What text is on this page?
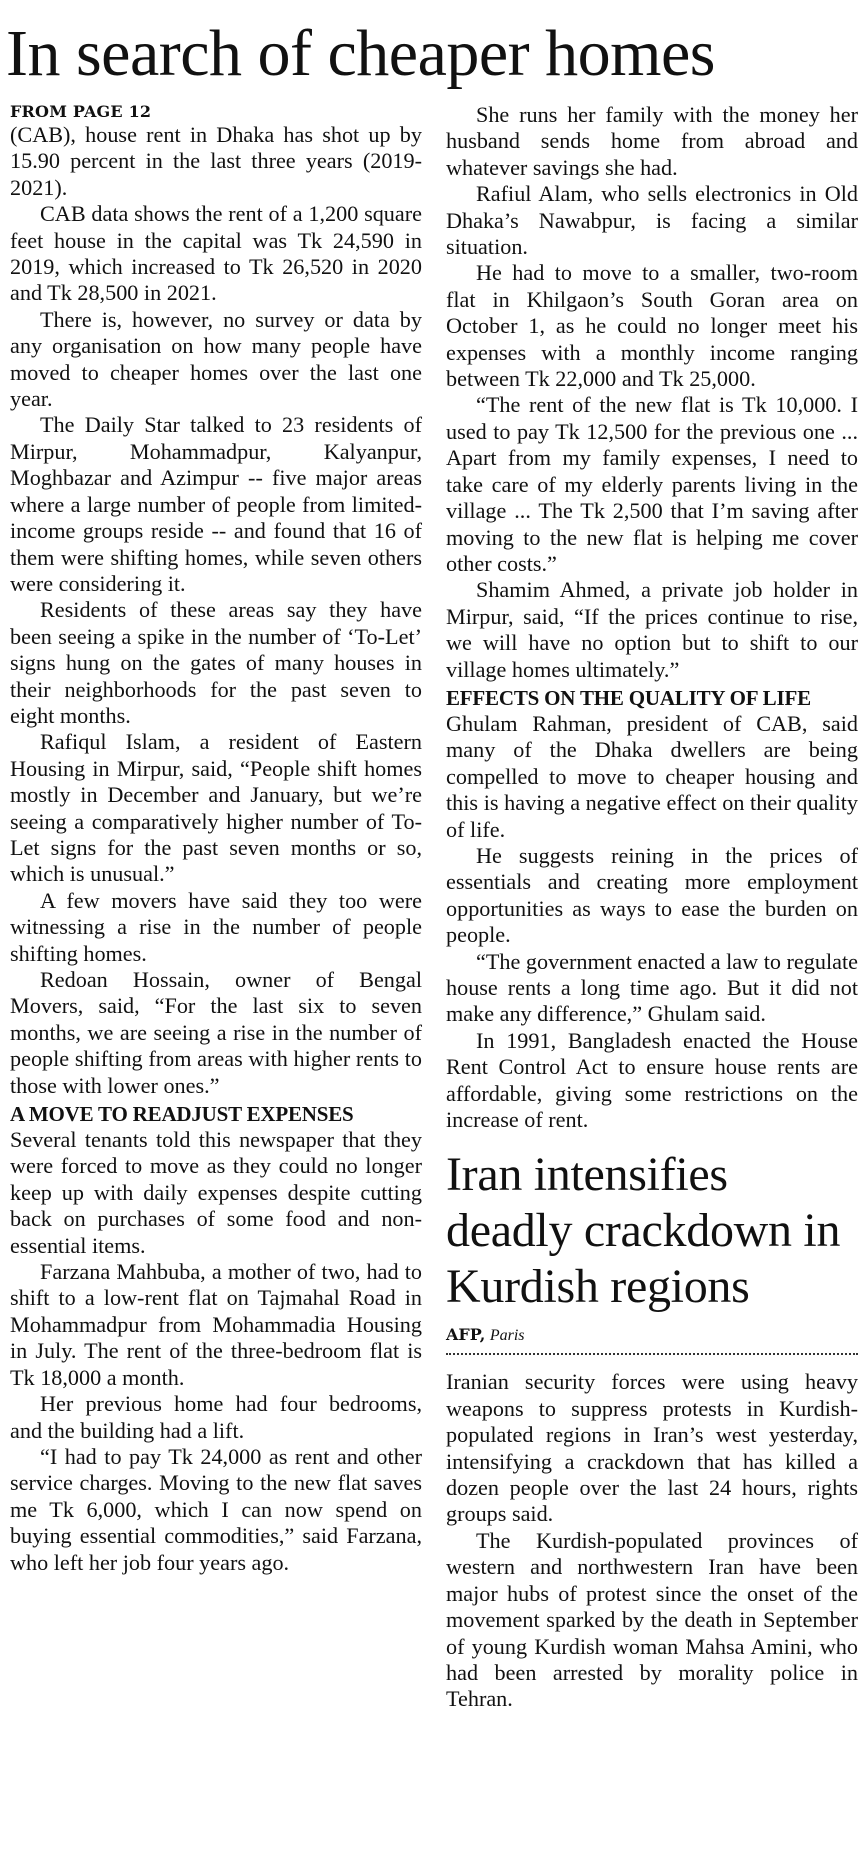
In search of cheaper homes
FROM PAGE 12

(CAB), house rent in Dhaka has shot up by 15.90 percent in the last three years (2019-2021).

CAB data shows the rent of a 1,200 square feet house in the capital was Tk 24,590 in 2019, which increased to Tk 26,520 in 2020 and Tk 28,500 in 2021.

There is, however, no survey or data by any organisation on how many people have moved to cheaper homes over the last one year.

The Daily Star talked to 23 residents of Mirpur, Mohammadpur, Kalyanpur, Moghbazar and Azimpur -- five major areas where a large number of people from limited-income groups reside -- and found that 16 of them were shifting homes, while seven others were considering it.

Residents of these areas say they have been seeing a spike in the number of ‘To-Let’ signs hung on the gates of many houses in their neighborhoods for the past seven to eight months.

Rafiqul Islam, a resident of Eastern Housing in Mirpur, said, “People shift homes mostly in December and January, but we’re seeing a comparatively higher number of To-Let signs for the past seven months or so, which is unusual.”

A few movers have said they too were witnessing a rise in the number of people shifting homes.

Redoan Hossain, owner of Bengal Movers, said, “For the last six to seven months, we are seeing a rise in the number of people shifting from areas with higher rents to those with lower ones.”

A MOVE TO READJUST EXPENSES

Several tenants told this newspaper that they were forced to move as they could no longer keep up with daily expenses despite cutting back on purchases of some food and non-essential items.

Farzana Mahbuba, a mother of two, had to shift to a low-rent flat on Tajmahal Road in Mohammadpur from Mohammadia Housing in July. The rent of the three-bedroom flat is Tk 18,000 a month.

Her previous home had four bedrooms, and the building had a lift.

“I had to pay Tk 24,000 as rent and other service charges. Moving to the new flat saves me Tk 6,000, which I can now spend on buying essential commodities,” said Farzana, who left her job four years ago.

She runs her family with the money her husband sends home from abroad and whatever savings she had.

Rafiul Alam, who sells electronics in Old Dhaka’s Nawabpur, is facing a similar situation.

He had to move to a smaller, two-room flat in Khilgaon’s South Goran area on October 1, as he could no longer meet his expenses with a monthly income ranging between Tk 22,000 and Tk 25,000.

“The rent of the new flat is Tk 10,000. I used to pay Tk 12,500 for the previous one ... Apart from my family expenses, I need to take care of my elderly parents living in the village ... The Tk 2,500 that I’m saving after moving to the new flat is helping me cover other costs.”

Shamim Ahmed, a private job holder in Mirpur, said, “If the prices continue to rise, we will have no option but to shift to our village homes ultimately.”

EFFECTS ON THE QUALITY OF LIFE

Ghulam Rahman, president of CAB, said many of the Dhaka dwellers are being compelled to move to cheaper housing and this is having a negative effect on their quality of life.

He suggests reining in the prices of essentials and creating more employment opportunities as ways to ease the burden on people.

“The government enacted a law to regulate house rents a long time ago. But it did not make any difference,” Ghulam said.

In 1991, Bangladesh enacted the House Rent Control Act to ensure house rents are affordable, giving some restrictions on the increase of rent.

Iran intensifies deadly crackdown in Kurdish regions
AFP, Paris

Iranian security forces were using heavy weapons to suppress protests in Kurdish-populated regions in Iran’s west yesterday, intensifying a crackdown that has killed a dozen people over the last 24 hours, rights groups said.

The Kurdish-populated provinces of western and northwestern Iran have been major hubs of protest since the onset of the movement sparked by the death in September of young Kurdish woman Mahsa Amini, who had been arrested by morality police in Tehran.
